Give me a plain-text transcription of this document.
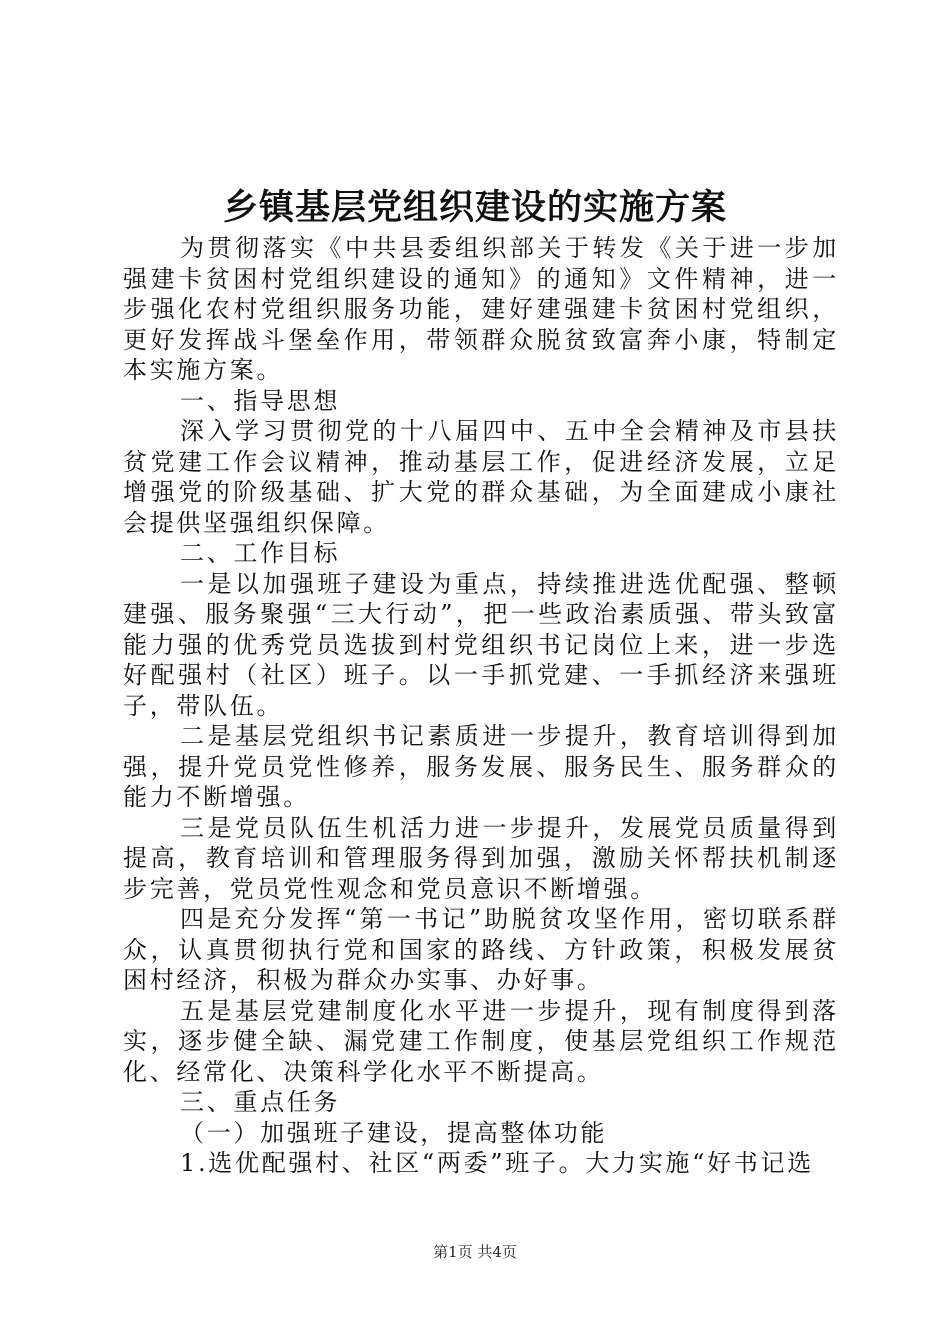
乡镇基层党组织建设的实施方案

为贯彻落实《中共县委组织部关于转发《关于进一步加强建卡贫困村党组织建设的通知》的通知》文件精神，进一步强化农村党组织服务功能，建好建强建卡贫困村党组织，更好发挥战斗堡垒作用，带领群众脱贫致富奔小康，特制定本实施方案。

一、指导思想

深入学习贯彻党的十八届四中、五中全会精神及市县扶贫党建工作会议精神，推动基层工作，促进经济发展，立足增强党的阶级基础、扩大党的群众基础，为全面建成小康社会提供坚强组织保障。

二、工作目标

一是以加强班子建设为重点，持续推进选优配强、整顿建强、服务聚强“三大行动”，把一些政治素质强、带头致富能力强的优秀党员选拔到村党组织书记岗位上来，进一步选好配强村（社区）班子。以一手抓党建、一手抓经济来强班子，带队伍。

二是基层党组织书记素质进一步提升，教育培训得到加强，提升党员党性修养，服务发展、服务民生、服务群众的能力不断增强。

三是党员队伍生机活力进一步提升，发展党员质量得到提高，教育培训和管理服务得到加强，激励关怀帮扶机制逐步完善，党员党性观念和党员意识不断增强。

四是充分发挥“第一书记”助脱贫攻坚作用，密切联系群众，认真贯彻执行党和国家的路线、方针政策，积极发展贫困村经济，积极为群众办实事、办好事。

五是基层党建制度化水平进一步提升，现有制度得到落实，逐步健全缺、漏党建工作制度，使基层党组织工作规范化、经常化、决策科学化水平不断提高。

三、重点任务

（一）加强班子建设，提高整体功能

1.选优配强村、社区“两委”班子。大力实施“好书记选

第1页 共4页
